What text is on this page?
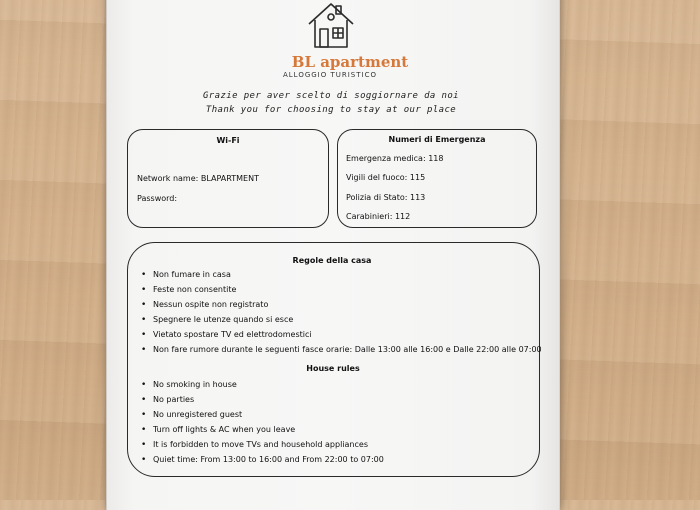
BL apartment
ALLOGGIO TURISTICO
Grazie per aver scelto di soggiornare da noi
Thank you for choosing to stay at our place
Wi-Fi
Network name: BLAPARTMENT
Password:
Numeri di Emergenza
Emergenza medica: 118
Vigili del fuoco: 115
Polizia di Stato: 113
Carabinieri: 112
Regole della casa
• Non fumare in casa
• Feste non consentite
• Nessun ospite non registrato
• Spegnere le utenze quando si esce
• Vietato spostare TV ed elettrodomestici
• Non fare rumore durante le seguenti fasce orarie: Dalle 13:00 alle 16:00 e Dalle 22:00 alle 07:00
House rules
• No smoking in house
• No parties
• No unregistered guest
• Turn off lights & AC when you leave
• It is forbidden to move TVs and household appliances
• Quiet time: From 13:00 to 16:00 and From 22:00 to 07:00
